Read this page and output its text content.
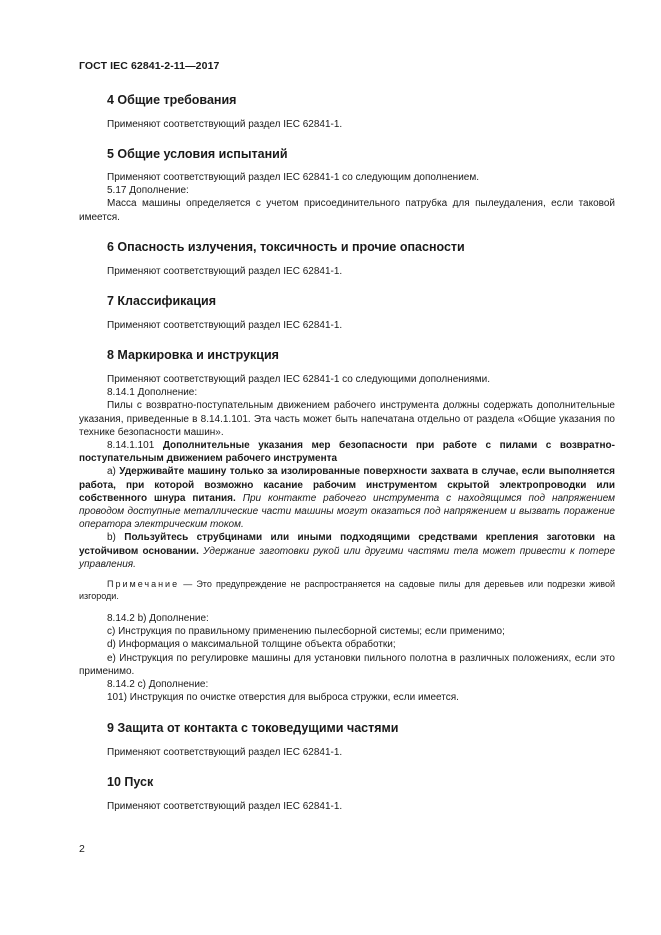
ГОСТ IEC 62841-2-11—2017
4 Общие требования

Применяют соответствующий раздел IEC 62841-1.

5 Общие условия испытаний

Применяют соответствующий раздел IEC 62841-1 со следующим дополнением.

5.17 Дополнение:

Масса машины определяется с учетом присоединительного патрубка для пылеудаления, если таковой имеется.

6 Опасность излучения, токсичность и прочие опасности

Применяют соответствующий раздел IEC 62841-1.

7 Классификация

Применяют соответствующий раздел IEC 62841-1.

8 Маркировка и инструкция

Применяют соответствующий раздел IEC 62841-1 со следующими дополнениями.

8.14.1 Дополнение:

Пилы с возвратно-поступательным движением рабочего инструмента должны содержать дополнительные указания, приведенные в 8.14.1.101. Эта часть может быть напечатана отдельно от раздела «Общие указания по технике безопасности машин».

8.14.1.101 Дополнительные указания мер безопасности при работе с пилами с возвратно-поступательным движением рабочего инструмента

а) Удерживайте машину только за изолированные поверхности захвата в случае, если выполняется работа, при которой возможно касание рабочим инструментом скрытой электропроводки или собственного шнура питания. При контакте рабочего инструмента с находящимся под напряжением проводом доступные металлические части машины могут оказаться под напряжением и вызвать поражение оператора электрическим током.

b) Пользуйтесь струбцинами или иными подходящими средствами крепления заготовки на устойчивом основании. Удержание заготовки рукой или другими частями тела может привести к потере управления.

Примечание — Это предупреждение не распространяется на садовые пилы для деревьев или подрезки живой изгороди.

8.14.2 b) Дополнение:

с) Инструкция по правильному применению пылесборной системы; если применимо;

d) Информация о максимальной толщине объекта обработки;

е) Инструкция по регулировке машины для установки пильного полотна в различных положениях, если это применимо.

8.14.2 с) Дополнение:

101) Инструкция по очистке отверстия для выброса стружки, если имеется.

9 Защита от контакта с токоведущими частями

Применяют соответствующий раздел IEC 62841-1.

10 Пуск

Применяют соответствующий раздел IEC 62841-1.

2
